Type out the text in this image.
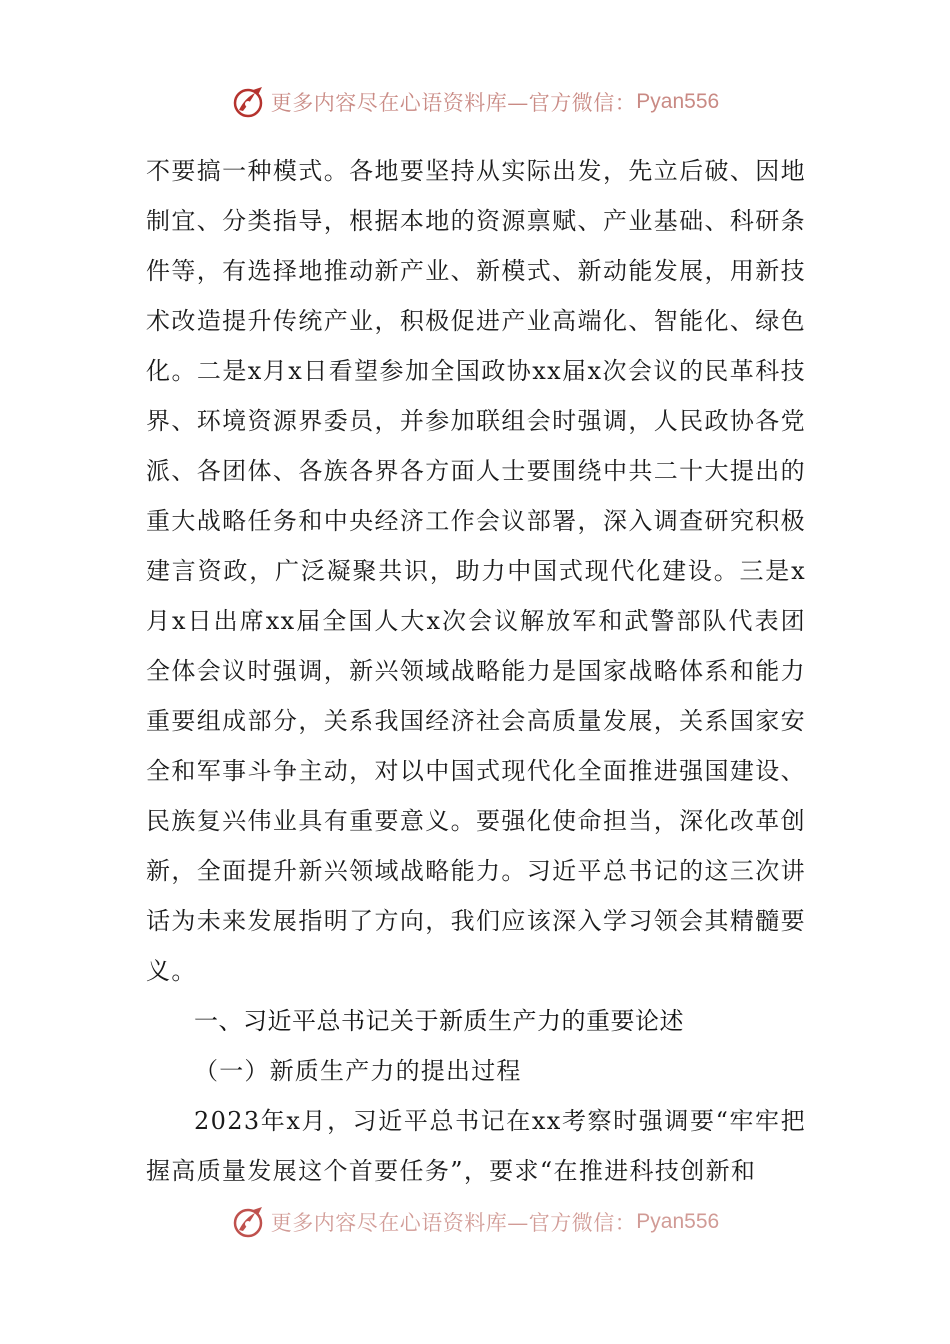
更多内容尽在心语资料库—官方微信： Pyan556

不要搞一种模式。各地要坚持从实际出发，先立后破、因地制宜、分类指导，根据本地的资源禀赋、产业基础、科研条件等，有选择地推动新产业、新模式、新动能发展，用新技术改造提升传统产业，积极促进产业高端化、智能化、绿色化。二是x月x日看望参加全国政协xx届x次会议的民革科技界、环境资源界委员，并参加联组会时强调，人民政协各党派、各团体、各族各界各方面人士要围绕中共二十大提出的重大战略任务和中央经济工作会议部署，深入调查研究积极建言资政，广泛凝聚共识，助力中国式现代化建设。三是x月x日出席xx届全国人大x次会议解放军和武警部队代表团全体会议时强调，新兴领域战略能力是国家战略体系和能力重要组成部分，关系我国经济社会高质量发展，关系国家安全和军事斗争主动，对以中国式现代化全面推进强国建设、民族复兴伟业具有重要意义。要强化使命担当，深化改革创新，全面提升新兴领域战略能力。习近平总书记的这三次讲话为未来发展指明了方向，我们应该深入学习领会其精髓要义。

一、习近平总书记关于新质生产力的重要论述

（一）新质生产力的提出过程

2023年x月，习近平总书记在xx考察时强调要“牢牢把握高质量发展这个首要任务”，要求“在推进科技创新和

更多内容尽在心语资料库—官方微信： Pyan556
